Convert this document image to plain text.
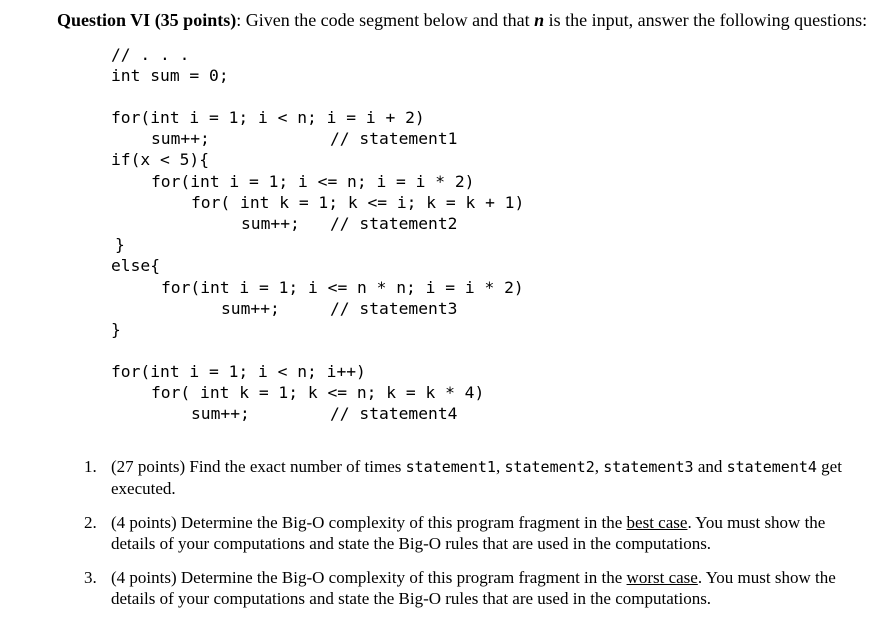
Question VI (35 points): Given the code segment below and that n is the input, answer the following questions:
// . . .
int sum = 0;
for(int i = 1; i < n; i = i + 2)
sum++;	// statement1
if(x < 5){
for(int i = 1; i <= n; i = i * 2)
for( int k = 1; k <= i; k = k + 1)
sum++; // statement2
}
else{
for(int i = 1; i <= n * n; i = i * 2)
sum++;	// statement3
}
for(int i = 1; i < n; i++)
for( int k = 1; k <= n; k = k * 4)
sum++;	// statement4
1. (27 points) Find the exact number of times statement1, statement2, statement3 and statement4 get executed.
2. (4 points) Determine the Big-O complexity of this program fragment in the best case. You must show the details of your computations and state the Big-O rules that are used in the computations.
3. (4 points) Determine the Big-O complexity of this program fragment in the worst case. You must show the details of your computations and state the Big-O rules that are used in the computations.
